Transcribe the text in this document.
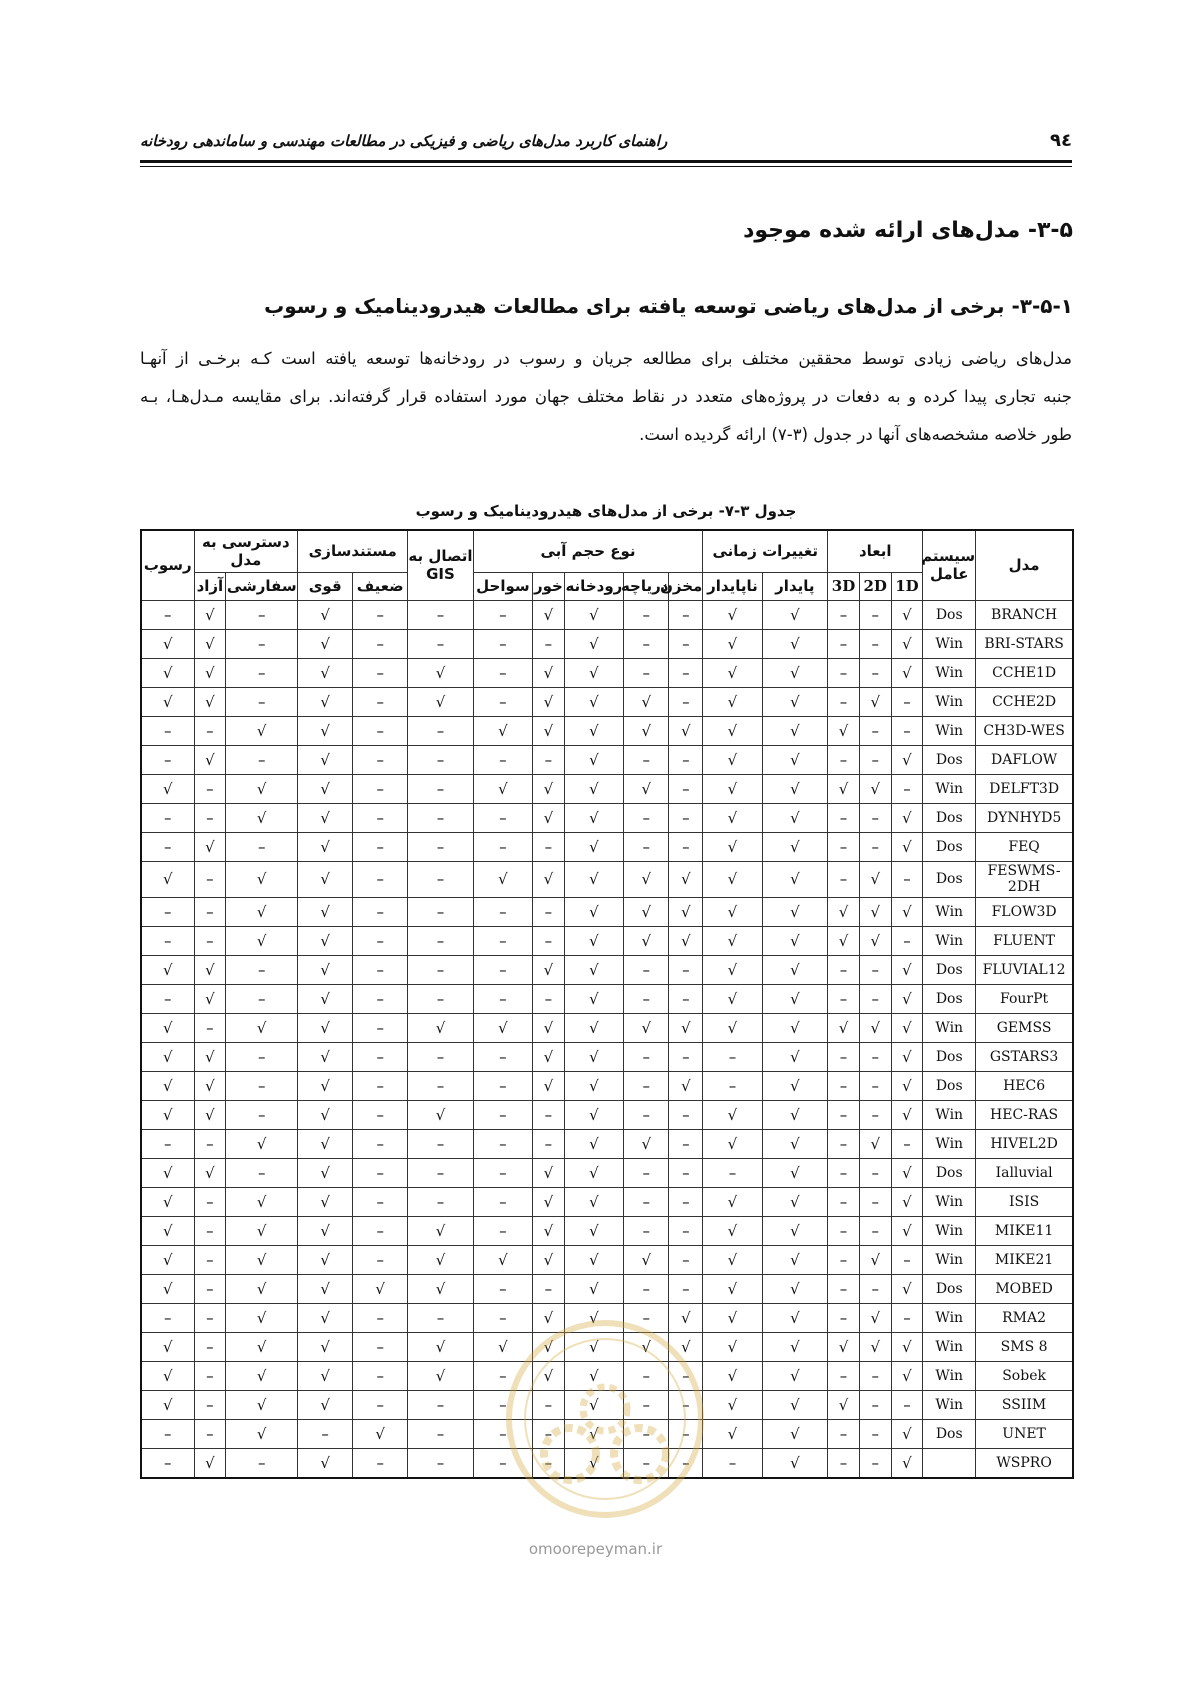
۹٤
راهنمای کاربرد مدل‌های ریاضی و فیزیکی در مطالعات مهندسی و ساماندهی رودخانه
۳-۵- مدل‌های ارائه شده موجود
۳-۵-۱- برخی از مدل‌های ریاضی توسعه یافته برای مطالعات هیدرودینامیک و رسوب
مدل‌های ریاضی زیادی توسط محققین مختلف برای مطالعه جریان و رسوب در رودخانه‌ها توسعه یافته است کـه برخـی از آنهـا
جنبه تجاری پیدا کرده و به دفعات در پروژه‌های متعدد در نقاط مختلف جهان مورد استفاده قرار گرفته‌اند. برای مقایسه مـدل‌هـا، بـه
طور خلاصه مشخصه‌های آنها در جدول (۳-۷) ارائه گردیده است.
جدول ۳-۷- برخی از مدل‌های هیدرودینامیک و رسوب
مدل	سیستم عامل	ابعاد			تغییرات زمانی		نوع حجم آبی					اتصال به GIS	مستندسازی		دسترسی به مدل		رسوب
		1D	2D	3D	پایدار	ناپایدار	مخزن	دریاچه	رودخانه	خور	سواحل		ضعیف	قوی	سفارشی	آزاد	
BRANCH	Dos	√	–	–	√	√	–	–	√	√	–	–	–	√	–	√	–
BRI-STARS	Win	√	–	–	√	√	–	–	√	–	–	–	–	√	–	√	√
CCHE1D	Win	√	–	–	√	√	–	–	√	√	–	√	–	√	–	√	√
CCHE2D	Win	–	√	–	√	√	–	√	√	√	–	√	–	√	–	√	√
CH3D-WES	Win	–	–	√	√	√	√	√	√	√	√	–	–	√	√	–	–
DAFLOW	Dos	√	–	–	√	√	–	–	√	–	–	–	–	√	–	√	–
DELFT3D	Win	–	√	√	√	√	–	√	√	√	√	–	–	√	√	–	√
DYNHYD5	Dos	√	–	–	√	√	–	–	√	√	–	–	–	√	√	–	–
FEQ	Dos	√	–	–	√	√	–	–	√	–	–	–	–	√	–	√	–
FESWMS-2DH	Dos	–	√	–	√	√	√	√	√	√	√	–	–	√	√	–	√
FLOW3D	Win	√	√	√	√	√	√	√	√	–	–	–	–	√	√	–	–
FLUENT	Win	–	√	√	√	√	√	√	√	–	–	–	–	√	√	–	–
FLUVIAL12	Dos	√	–	–	√	√	–	–	√	√	–	–	–	√	–	√	√
FourPt	Dos	√	–	–	√	√	–	–	√	–	–	–	–	√	–	√	–
GEMSS	Win	√	√	√	√	√	√	√	√	√	√	√	–	√	√	–	√
GSTARS3	Dos	√	–	–	√	–	–	–	√	√	–	–	–	√	–	√	√
HEC6	Dos	√	–	–	√	–	√	–	√	√	–	–	–	√	–	√	√
HEC-RAS	Win	√	–	–	√	√	–	–	√	–	–	√	–	√	–	√	√
HIVEL2D	Win	–	√	–	√	√	–	√	√	–	–	–	–	√	√	–	–
Ialluvial	Dos	√	–	–	√	–	–	–	√	√	–	–	–	√	–	√	√
ISIS	Win	√	–	–	√	√	–	–	√	√	–	–	–	√	√	–	√
MIKE11	Win	√	–	–	√	√	–	–	√	√	–	√	–	√	√	–	√
MIKE21	Win	–	√	–	√	√	–	√	√	√	√	√	–	√	√	–	√
MOBED	Dos	√	–	–	√	√	–	–	√	–	–	√	√	√	√	–	√
RMA2	Win	–	√	–	√	√	√	–	√	√	–	–	–	√	√	–	–
SMS 8	Win	√	√	√	√	√	√	√	√	√	√	√	–	√	√	–	√
Sobek	Win	√	–	–	√	√	–	–	√	√	–	√	–	√	√	–	√
SSIIM	Win	–	–	√	√	√	–	–	√	–	–	–	–	√	√	–	√
UNET	Dos	√	–	–	√	√	–	–	√	–	–	–	√	–	√	–	–
WSPRO		√	–	–	√	–	–	–	√	–	–	–	–	√	–	√	–
omoorepeyman.ir
